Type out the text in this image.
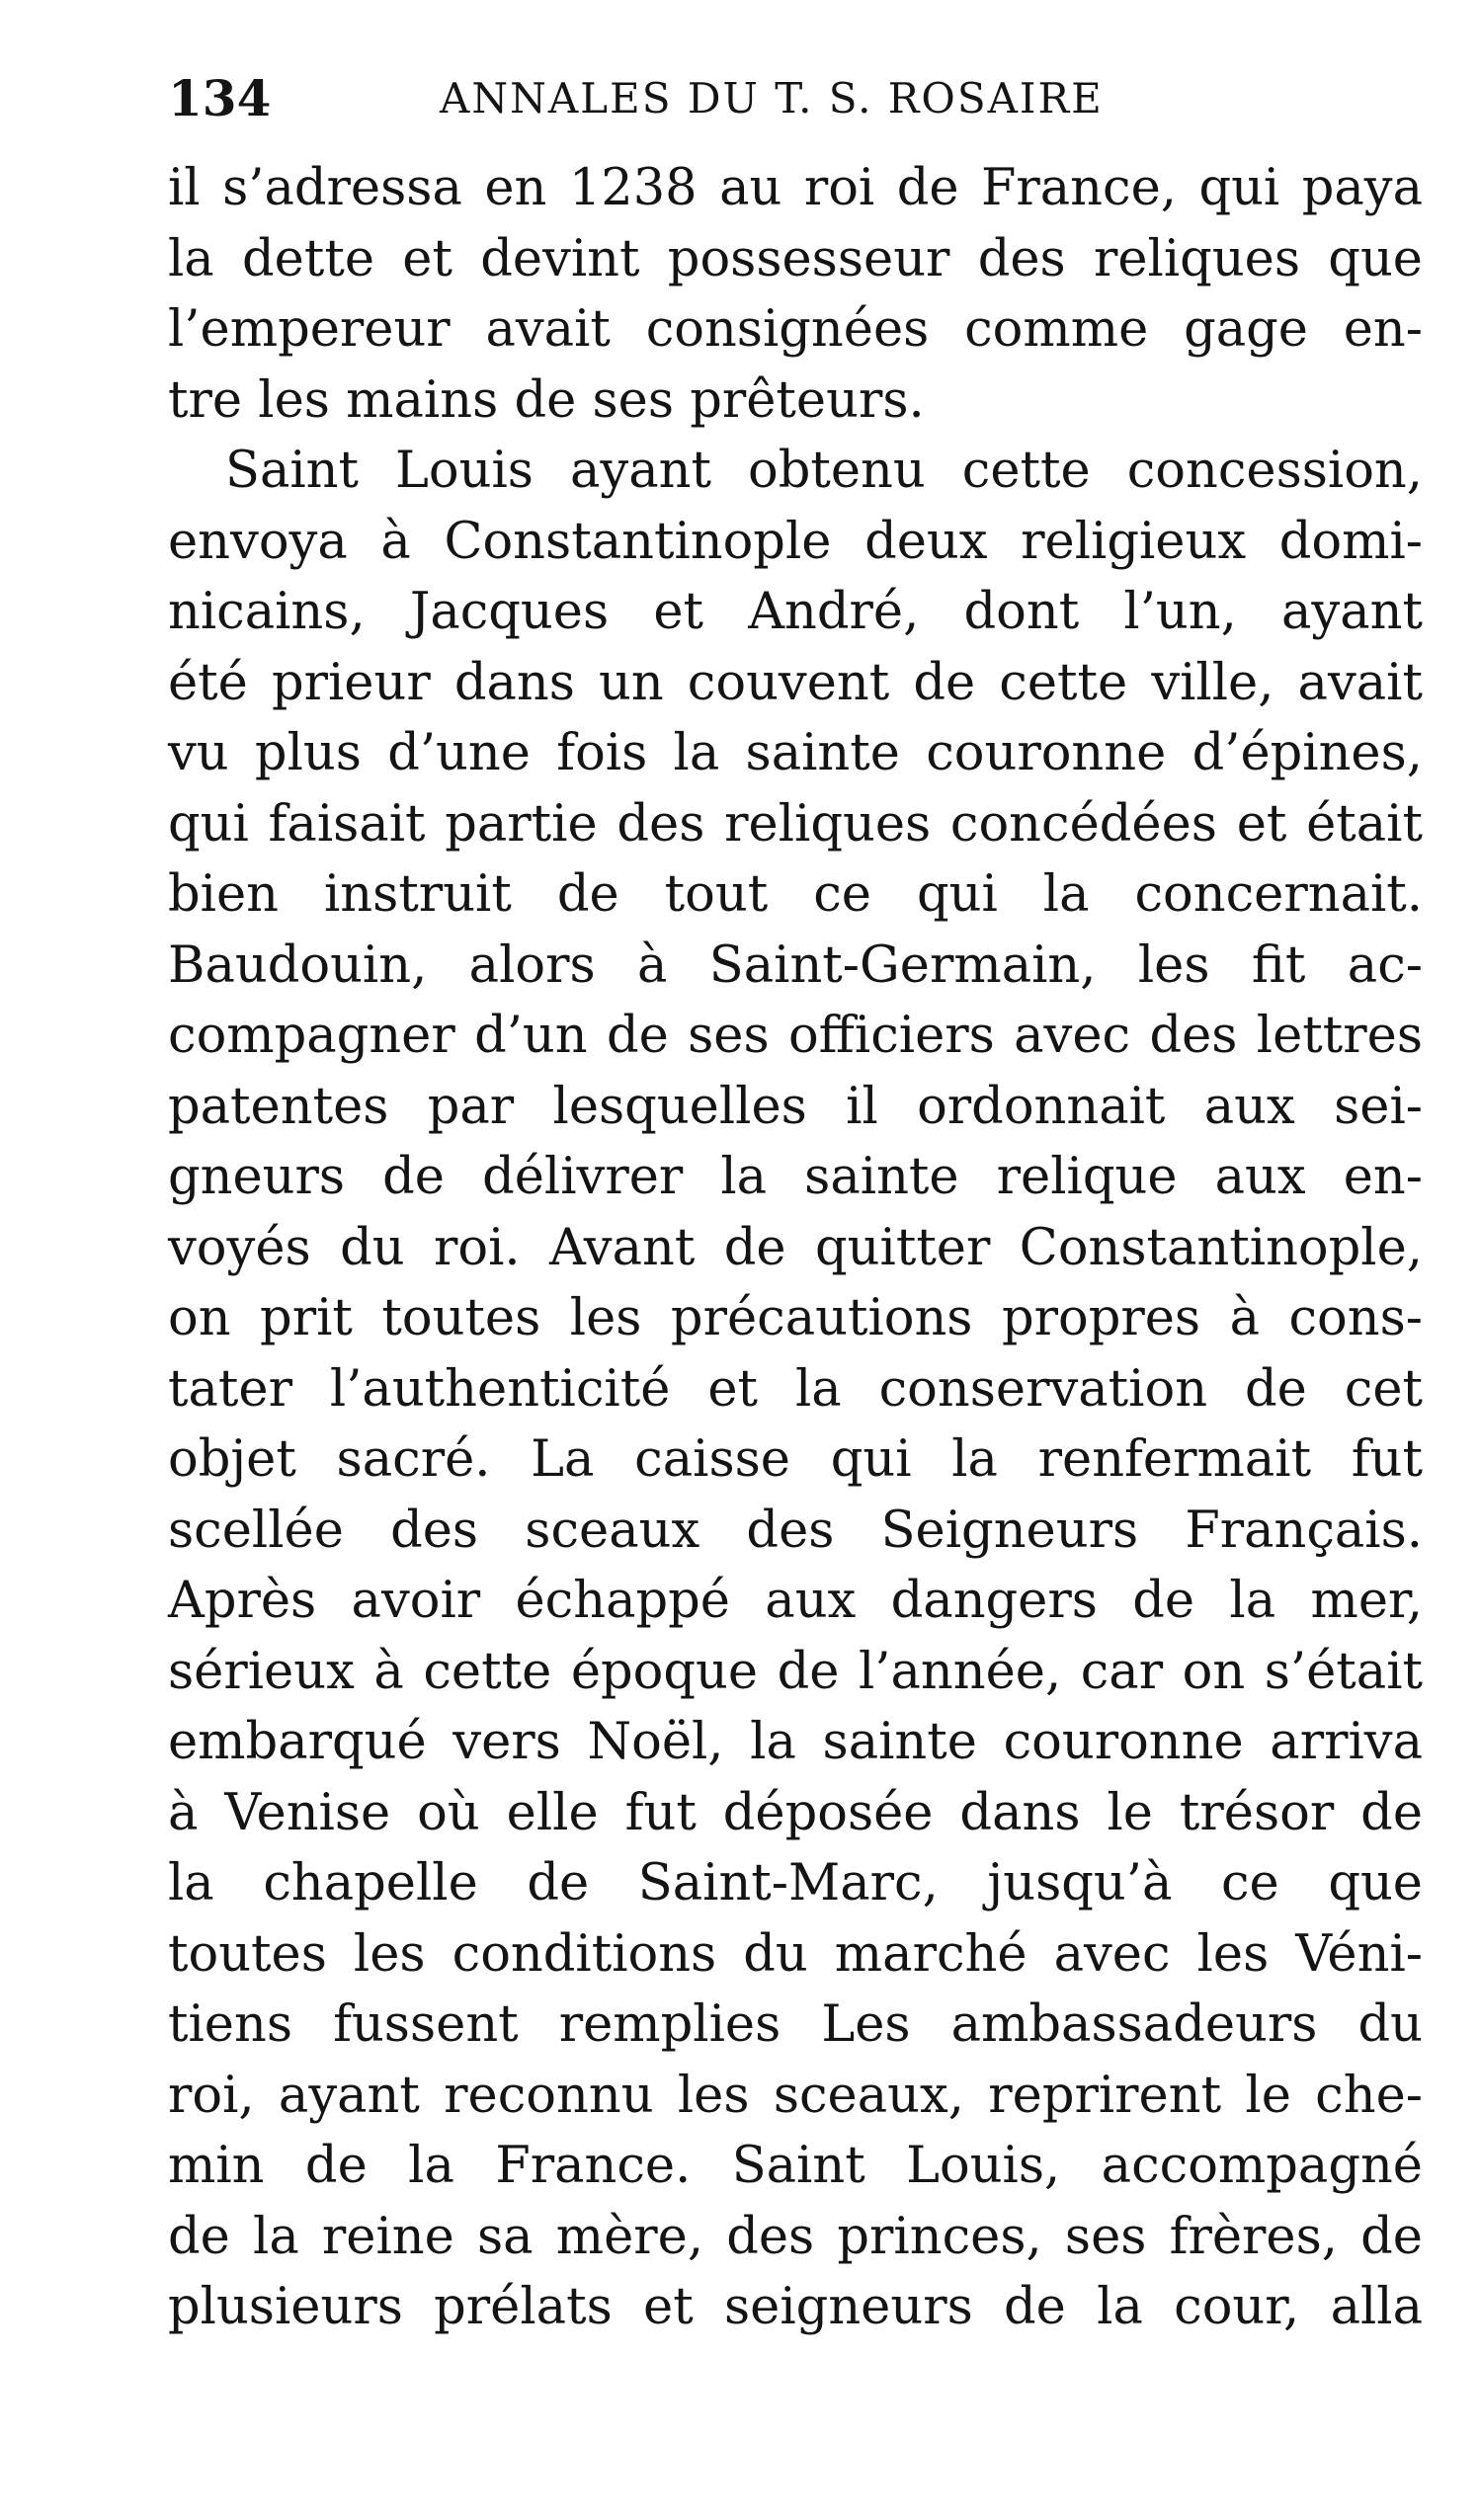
134	ANNALES DU T. S. ROSAIRE
il s’adressa en 1238 au roi de France, qui paya
la dette et devint possesseur des reliques que
l’empereur avait consignées comme gage en-
tre les mains de ses prêteurs.
Saint Louis ayant obtenu cette concession,
envoya à Constantinople deux religieux domi-
nicains, Jacques et André, dont l’un, ayant
été prieur dans un couvent de cette ville, avait
vu plus d’une fois la sainte couronne d’épines,
qui faisait partie des reliques concédées et était
bien instruit de tout ce qui la concernait.
Baudouin, alors à Saint-Germain, les fit ac-
compagner d’un de ses officiers avec des lettres
patentes par lesquelles il ordonnait aux sei-
gneurs de délivrer la sainte relique aux en-
voyés du roi. Avant de quitter Constantinople,
on prit toutes les précautions propres à cons-
tater l’authenticité et la conservation de cet
objet sacré. La caisse qui la renfermait fut
scellée des sceaux des Seigneurs Français.
Après avoir échappé aux dangers de la mer,
sérieux à cette époque de l’année, car on s’était
embarqué vers Noël, la sainte couronne arriva
à Venise où elle fut déposée dans le trésor de
la chapelle de Saint-Marc, jusqu’à ce que
toutes les conditions du marché avec les Véni-
tiens fussent remplies Les ambassadeurs du
roi, ayant reconnu les sceaux, reprirent le che-
min de la France. Saint Louis, accompagné
de la reine sa mère, des princes, ses frères, de
plusieurs prélats et seigneurs de la cour, alla
